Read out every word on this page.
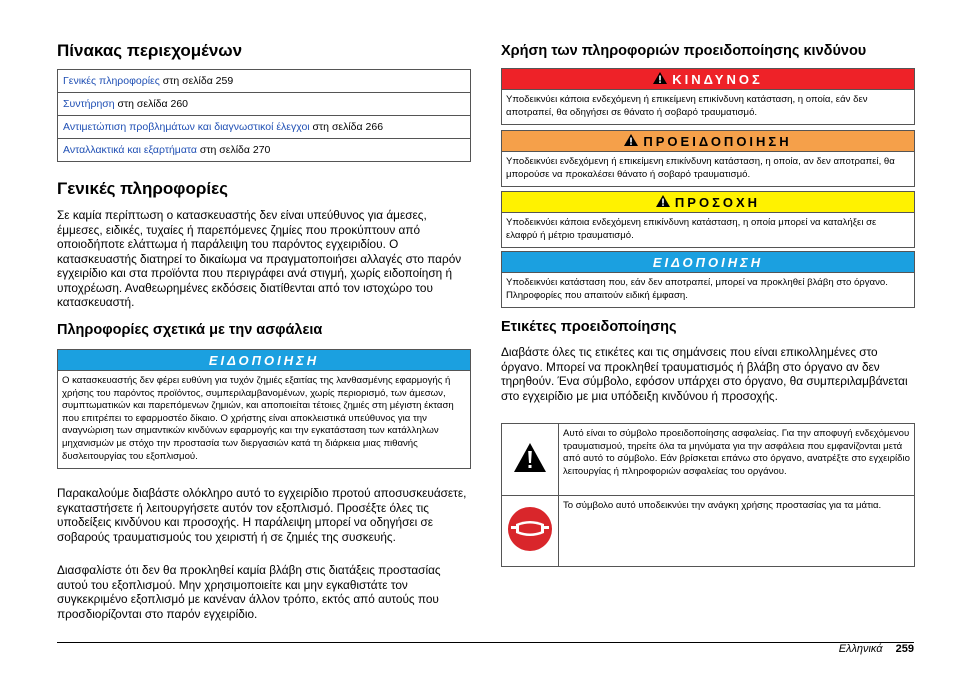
Πίνακας περιεχομένων
Γενικές πληροφορίες στη σελίδα 259
Συντήρηση στη σελίδα 260
Αντιμετώπιση προβλημάτων και διαγνωστικοί έλεγχοι στη σελίδα 266
Ανταλλακτικά και εξαρτήματα στη σελίδα 270
Γενικές πληροφορίες

Σε καμία περίπτωση ο κατασκευαστής δεν είναι υπεύθυνος για άμεσες, έμμεσες, ειδικές, τυχαίες ή παρεπόμενες ζημίες που προκύπτουν από οποιοδήποτε ελάττωμα ή παράλειψη του παρόντος εγχειριδίου. Ο κατασκευαστής διατηρεί το δικαίωμα να πραγματοποιήσει αλλαγές στο παρόν εγχειρίδιο και στα προϊόντα που περιγράφει ανά στιγμή, χωρίς ειδοποίηση ή υποχρέωση. Αναθεωρημένες εκδόσεις διατίθενται από τον ιστοχώρο του κατασκευαστή.

Πληροφορίες σχετικά με την ασφάλεια
ΕΙΔΟΠΟΙΗΣΗ
Ο κατασκευαστής δεν φέρει ευθύνη για τυχόν ζημιές εξαιτίας της λανθασμένης εφαρμογής ή χρήσης του παρόντος προϊόντος, συμπεριλαμβανομένων, χωρίς περιορισμό, των άμεσων, συμπτωματικών και παρεπόμενων ζημιών, και αποποιείται τέτοιες ζημιές στη μέγιστη έκταση που επιτρέπει το εφαρμοστέο δίκαιο. Ο χρήστης είναι αποκλειστικά υπεύθυνος για την αναγνώριση των σημαντικών κινδύνων εφαρμογής και την εγκατάσταση των κατάλληλων μηχανισμών με στόχο την προστασία των διεργασιών κατά τη διάρκεια μιας πιθανής δυσλειτουργίας του εξοπλισμού.

Παρακαλούμε διαβάστε ολόκληρο αυτό το εγχειρίδιο προτού αποσυσκευάσετε, εγκαταστήσετε ή λειτουργήσετε αυτόν τον εξοπλισμό. Προσέξτε όλες τις υποδείξεις κινδύνου και προσοχής. Η παράλειψη μπορεί να οδηγήσει σε σοβαρούς τραυματισμούς του χειριστή ή σε ζημιές της συσκευής.

Διασφαλίστε ότι δεν θα προκληθεί καμία βλάβη στις διατάξεις προστασίας αυτού του εξοπλισμού. Μην χρησιμοποιείτε και μην εγκαθιστάτε τον συγκεκριμένο εξοπλισμό με κανέναν άλλον τρόπο, εκτός από αυτούς που προσδιορίζονται στο παρόν εγχειρίδιο.

Χρήση των πληροφοριών προειδοποίησης κινδύνου
ΚΙΝΔΥΝΟΣ
Υποδεικνύει κάποια ενδεχόμενη ή επικείμενη επικίνδυνη κατάσταση, η οποία, εάν δεν αποτραπεί, θα οδηγήσει σε θάνατο ή σοβαρό τραυματισμό.
ΠΡΟΕΙΔΟΠΟΙΗΣΗ
Υποδεικνύει ενδεχόμενη ή επικείμενη επικίνδυνη κατάσταση, η οποία, αν δεν αποτραπεί, θα μπορούσε να προκαλέσει θάνατο ή σοβαρό τραυματισμό.
ΠΡΟΣΟΧΗ
Υποδεικνύει κάποια ενδεχόμενη επικίνδυνη κατάσταση, η οποία μπορεί να καταλήξει σε ελαφρύ ή μέτριο τραυματισμό.
ΕΙΔΟΠΟΙΗΣΗ
Υποδεικνύει κατάσταση που, εάν δεν αποτραπεί, μπορεί να προκληθεί βλάβη στο όργανο. Πληροφορίες που απαιτούν ειδική έμφαση.
Ετικέτες προειδοποίησης

Διαβάστε όλες τις ετικέτες και τις σημάνσεις που είναι επικολλημένες στο όργανο. Μπορεί να προκληθεί τραυματισμός ή βλάβη στο όργανο αν δεν τηρηθούν. Ένα σύμβολο, εφόσον υπάρχει στο όργανο, θα συμπεριλαμβάνεται στο εγχειρίδιο με μια υπόδειξη κινδύνου ή προσοχής.

	Αυτό είναι το σύμβολο προειδοποίησης ασφαλείας. Για την αποφυγή ενδεχόμενου τραυματισμού, τηρείτε όλα τα μηνύματα για την ασφάλεια που εμφανίζονται μετά από αυτό το σύμβολο. Εάν βρίσκεται επάνω στο όργανο, ανατρέξτε στο εγχειρίδιο λειτουργίας ή πληροφοριών ασφαλείας του οργάνου.
	Το σύμβολο αυτό υποδεικνύει την ανάγκη χρήσης προστασίας για τα μάτια.
Ελληνικά 259
